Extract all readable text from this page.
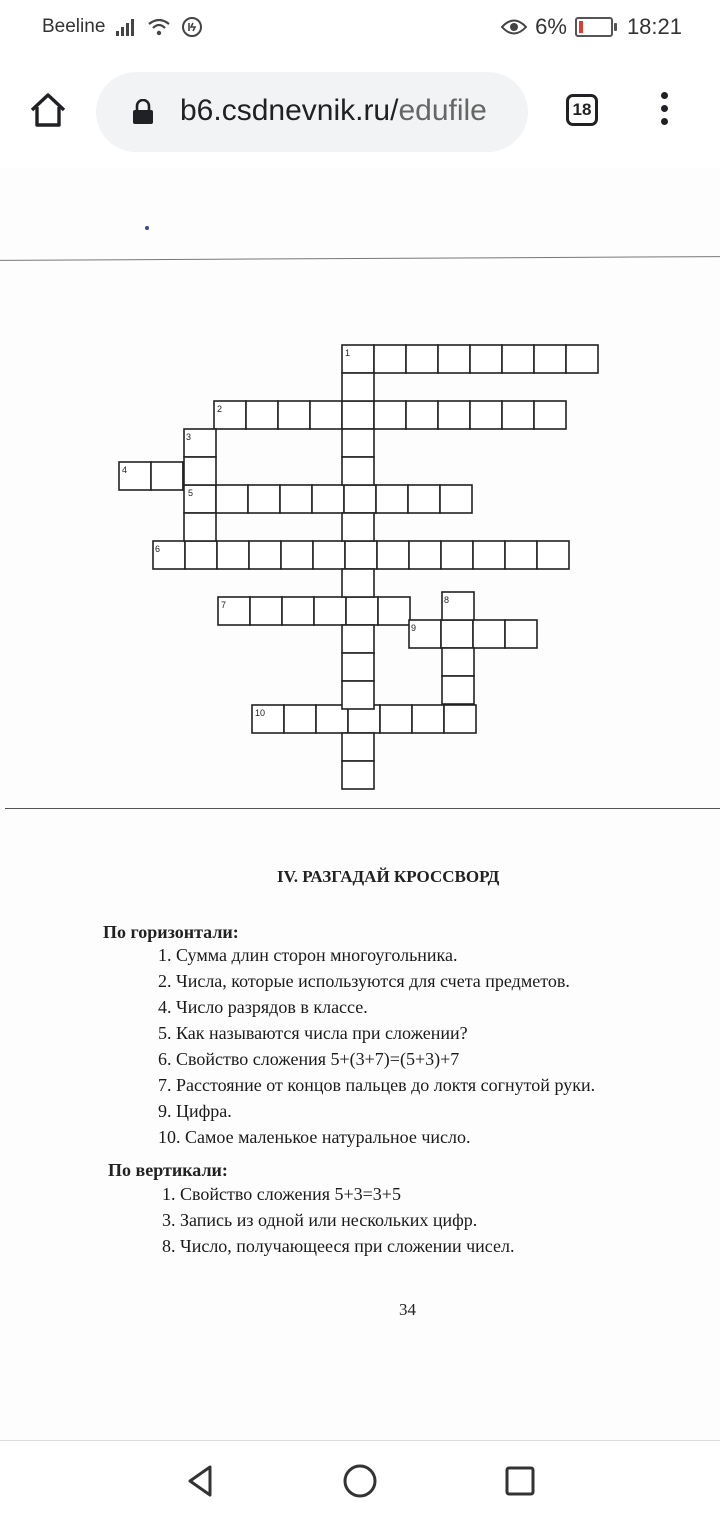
Beeline	6%	18:21
b6.csdnevnik.ru/edufile	18
1
2
3
4
5
6
7	8
9
10
IV. РАЗГАДАЙ КРОССВОРД
По горизонтали:
1. Сумма длин сторон многоугольника.
2. Числа, которые используются для счета предметов.
4. Число разрядов в классе.
5. Как называются числа при сложении?
6. Свойство сложения 5+(3+7)=(5+3)+7
7. Расстояние от концов пальцев до локтя согнутой руки.
9. Цифра.
10. Самое маленькое натуральное число.
По вертикали:
1. Свойство сложения 5+3=3+5
3. Запись из одной или нескольких цифр.
8. Число, получающееся при сложении чисел.
34
